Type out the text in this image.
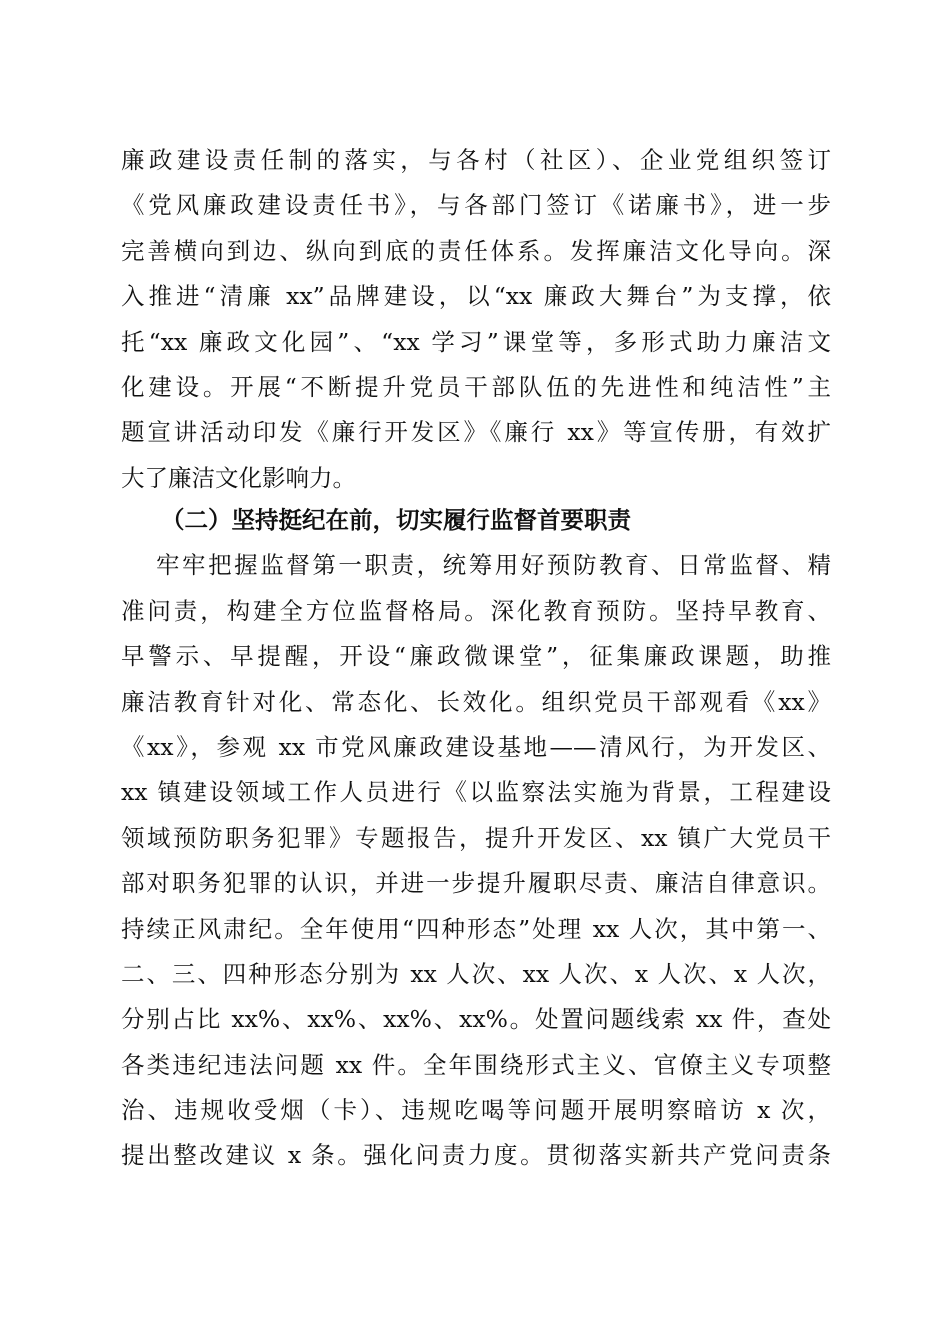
廉政建设责任制的落实，与各村（社区）、企业党组织签订
《党风廉政建设责任书》，与各部门签订《诺廉书》，进一步
完善横向到边、纵向到底的责任体系。发挥廉洁文化导向。深
入推进“清廉 xx”品牌建设，以“xx 廉政大舞台”为支撑，依
托“xx 廉政文化园”、“xx 学习”课堂等，多形式助力廉洁文
化建设。开展“不断提升党员干部队伍的先进性和纯洁性”主
题宣讲活动印发《廉行开发区》《廉行 xx》等宣传册，有效扩
大了廉洁文化影响力。
（二）坚持挺纪在前，切实履行监督首要职责
牢牢把握监督第一职责，统筹用好预防教育、日常监督、精
准问责，构建全方位监督格局。深化教育预防。坚持早教育、
早警示、早提醒，开设“廉政微课堂”，征集廉政课题，助推
廉洁教育针对化、常态化、长效化。组织党员干部观看《xx》
《xx》，参观 xx 市党风廉政建设基地——清风行，为开发区、
xx 镇建设领域工作人员进行《以监察法实施为背景，工程建设
领域预防职务犯罪》专题报告，提升开发区、xx 镇广大党员干
部对职务犯罪的认识，并进一步提升履职尽责、廉洁自律意识。
持续正风肃纪。全年使用“四种形态”处理 xx 人次，其中第一、
二、三、四种形态分别为 xx 人次、xx 人次、x 人次、x 人次，
分别占比 xx%、xx%、xx%、xx%。处置问题线索 xx 件，查处
各类违纪违法问题 xx 件。全年围绕形式主义、官僚主义专项整
治、违规收受烟（卡）、违规吃喝等问题开展明察暗访 x 次，
提出整改建议 x 条。强化问责力度。贯彻落实新共产党问责条
